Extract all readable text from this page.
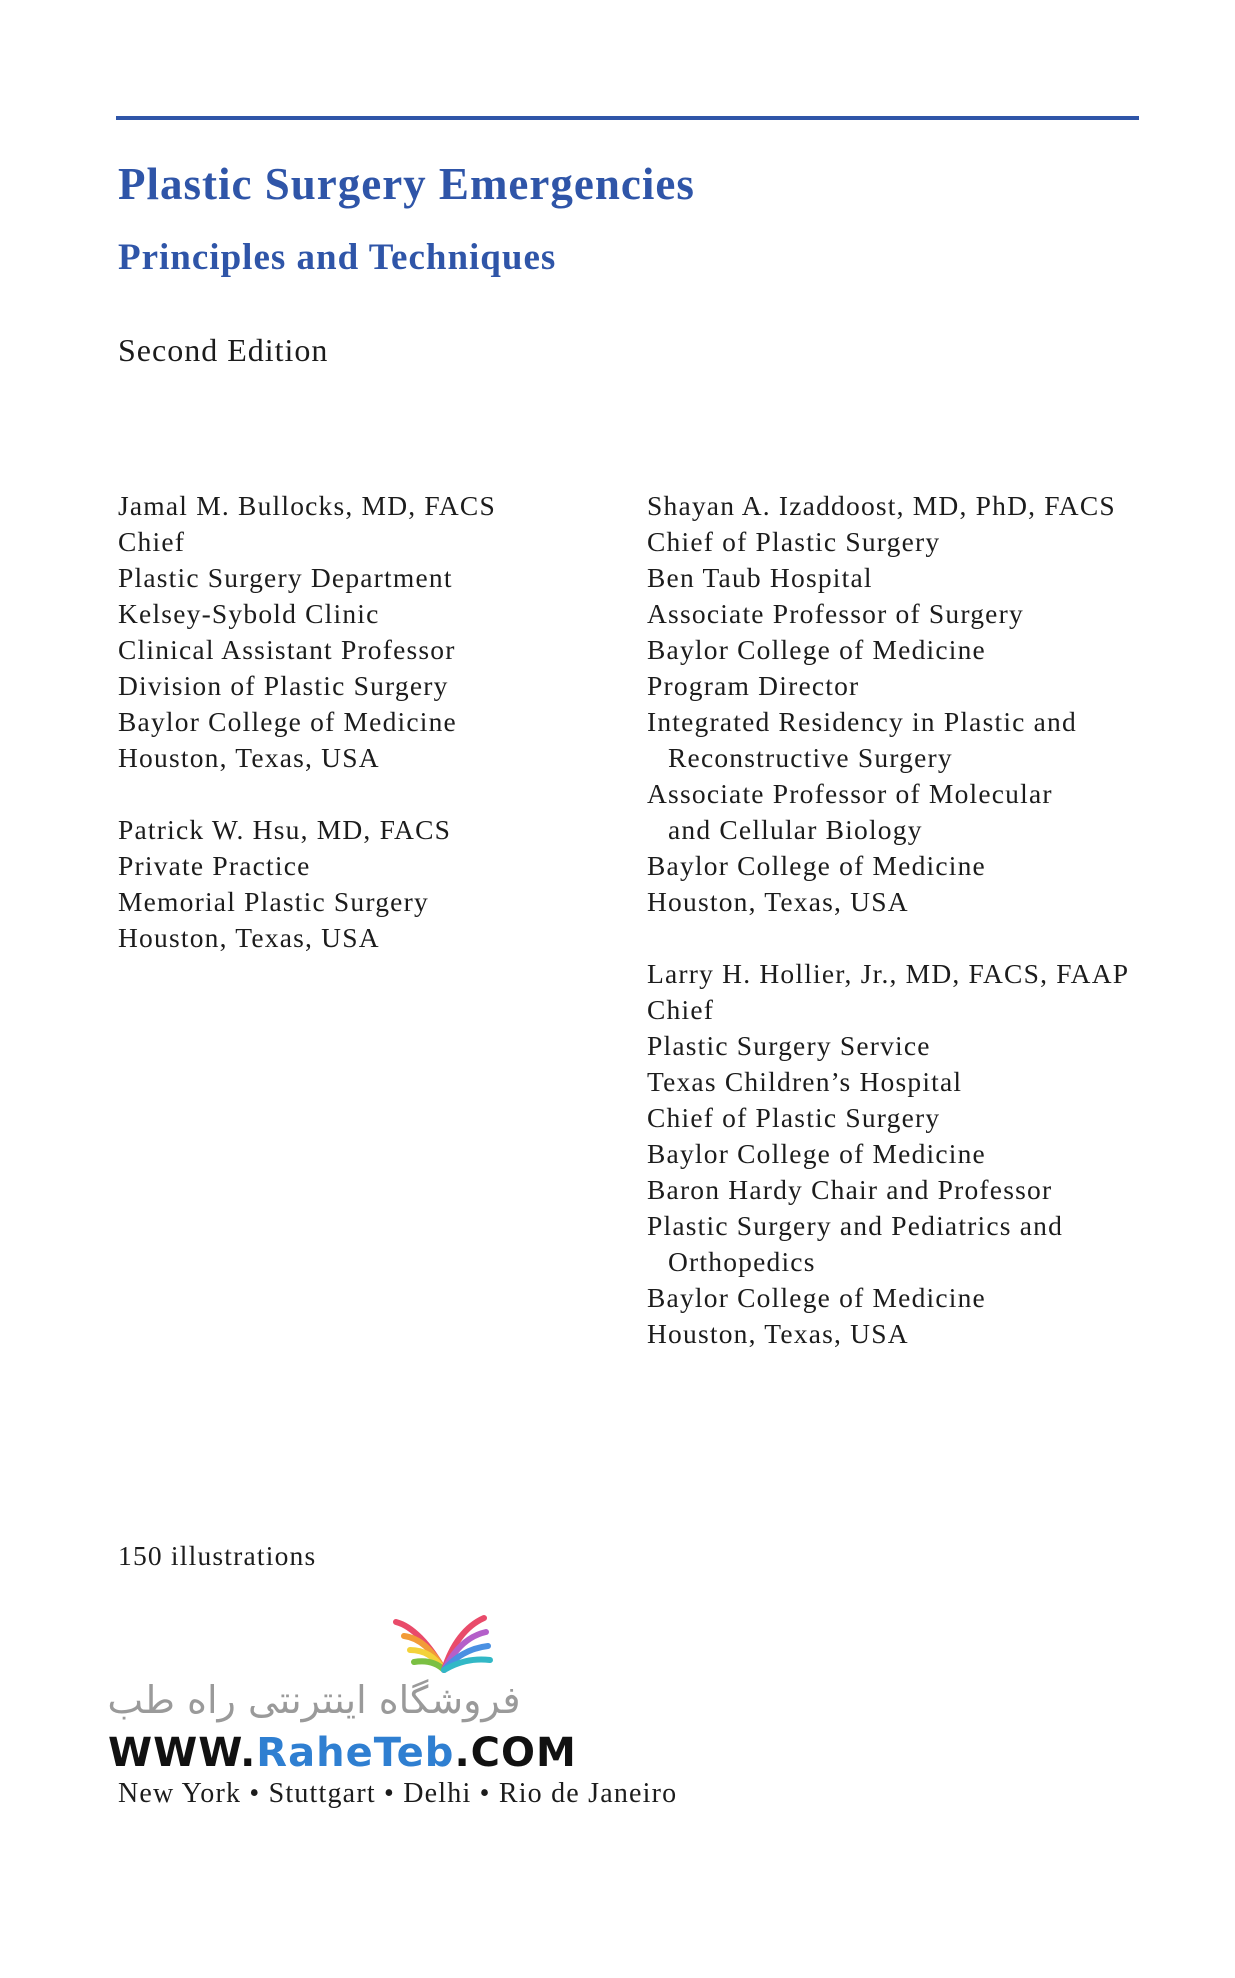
Plastic Surgery Emergencies
Principles and Techniques
Second Edition
Jamal M. Bullocks, MD, FACS
Chief
Plastic Surgery Department
Kelsey-Sybold Clinic
Clinical Assistant Professor
Division of Plastic Surgery
Baylor College of Medicine
Houston, Texas, USA
Patrick W. Hsu, MD, FACS
Private Practice
Memorial Plastic Surgery
Houston, Texas, USA
Shayan A. Izaddoost, MD, PhD, FACS
Chief of Plastic Surgery
Ben Taub Hospital
Associate Professor of Surgery
Baylor College of Medicine
Program Director
Integrated Residency in Plastic and
Reconstructive Surgery
Associate Professor of Molecular
and Cellular Biology
Baylor College of Medicine
Houston, Texas, USA
Larry H. Hollier, Jr., MD, FACS, FAAP
Chief
Plastic Surgery Service
Texas Children’s Hospital
Chief of Plastic Surgery
Baylor College of Medicine
Baron Hardy Chair and Professor
Plastic Surgery and Pediatrics and
Orthopedics
Baylor College of Medicine
Houston, Texas, USA
150 illustrations
فروشگاه اینترنتی راه طب
WWW.RaheTeb.COM
New York • Stuttgart • Delhi • Rio de Janeiro
